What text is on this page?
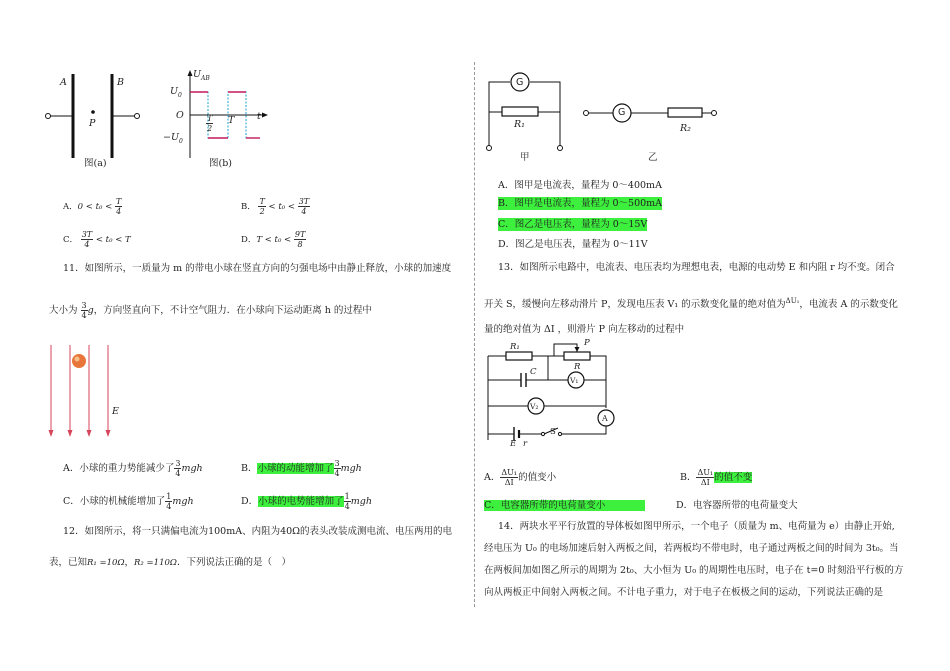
A	B
P
图(a)
$U_{AB}$
$U_0$
O
$-U_0$
$\frac{T}{2}$ T t
图(b)
A．$0 < t_0 < \frac{T}{4}$	B． $\frac{T}{2} < t_0 < \frac{3T}{4}$
C． $\frac{3T}{4} < t_0 < T$	D．$T < t_0 < \frac{9T}{8}$
11．如图所示，一质量为 m 的带电小球在竖直方向的匀强电场中由静止释放，小球的加速度
大小为 $\frac{3}{4}$ g，方向竖直向下，不计空气阻力．在小球向下运动距离 h 的过程中
E
A．小球的重力势能减少了 $\frac{3}{4}$ mgh	B．小球的动能增加了 $\frac{3}{4}$ mgh
C．小球的机械能增加了 $\frac{1}{4}$ mgh	D．小球的电势能增加了 $\frac{1}{4}$ mgh
12．如图所示，将一只满偏电流为100mA、内阻为40Ω的表头改装成测电流、电压两用的电
表，已知R₁ =10Ω，R₂ =110Ω．下列说法正确的是（　）
G
R₁
甲
G
R₂
乙
A．图甲是电流表，量程为 0～400mA
B．图甲是电流表，量程为 0～500mA
C．图乙是电压表，量程为 0～15V
D．图乙是电压表，量程为 0～11V
13．如图所示电路中，电流表、电压表均为理想电表，电源的电动势 E 和内阻 r 均不变。闭合
开关 S，缓慢向左移动滑片 P，发现电压表 V₁ 的示数变化量的绝对值为$^{\Delta U_1}$，电流表 A 的示数变化
量的绝对值为 ΔI ，则滑片 P 向左移动的过程中
R₁	P
R
C
V₁
V₂
A
E r
S
A． $\frac{\text{ΔU₁}}{\Delta I}$ 的值变小	B． $\frac{\text{ΔU₁}}{\Delta I}$ 的值不变
C．电容器所带的电荷量变小	D．电容器所带的电荷量变大
14．两块水平平行放置的导体板如图甲所示，一个电子（质量为 m、电荷量为 e）由静止开始,
经电压为 U₀ 的电场加速后射入两板之间，若两板均不带电时，电子通过两板之间的时间为 3t₀。当
在两板间加如图乙所示的周期为 2t₀、大小恒为 U₀ 的周期性电压时，电子在 t=0 时刻沿平行板的方
向从两板正中间射入两板之间。不计电子重力，对于电子在板极之间的运动，下列说法正确的是
